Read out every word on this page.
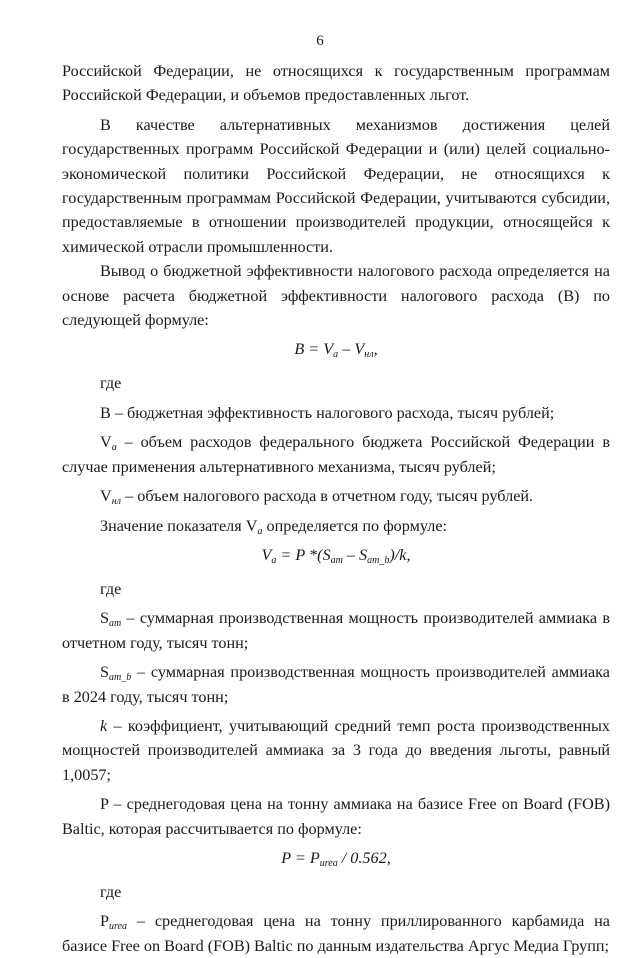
6

Российской Федерации, не относящихся к государственным программам Российской Федерации, и объемов предоставленных льгот.

В качестве альтернативных механизмов достижения целей государственных программ Российской Федерации и (или) целей социально-экономической политики Российской Федерации, не относящихся к государственным программам Российской Федерации, учитываются субсидии, предоставляемые в отношении производителей продукции, относящейся к химической отрасли промышленности.

Вывод о бюджетной эффективности налогового расхода определяется на основе расчета бюджетной эффективности налогового расхода (B) по следующей формуле:

$B = V_a - V_{нл}$,

где

B – бюджетная эффективность налогового расхода, тысяч рублей;

$V_a$ – объем расходов федерального бюджета Российской Федерации в случае применения альтернативного механизма, тысяч рублей;

$V_{нл}$ – объем налогового расхода в отчетном году, тысяч рублей.

Значение показателя $V_a$ определяется по формуле:

$V_a = P$ $*(S_{am} - S_{am\_b})/k$,

где

$S_{am}$ – суммарная производственная мощность производителей аммиака в отчетном году, тысяч тонн;

$S_{am\_b}$ – суммарная производственная мощность производителей аммиака в 2024 году, тысяч тонн;

k – коэффициент, учитывающий средний темп роста производственных мощностей производителей аммиака за 3 года до введения льготы, равный 1,0057;

P – среднегодовая цена на тонну аммиака на базисе Free on Board (FOB) Baltic, которая рассчитывается по формуле:

$P = P_{urea} / 0.562$,

где

$P_{urea}$ – среднегодовая цена на тонну приллированного карбамида на базисе Free on Board (FOB) Baltic по данным издательства Аргус Медиа Групп;
